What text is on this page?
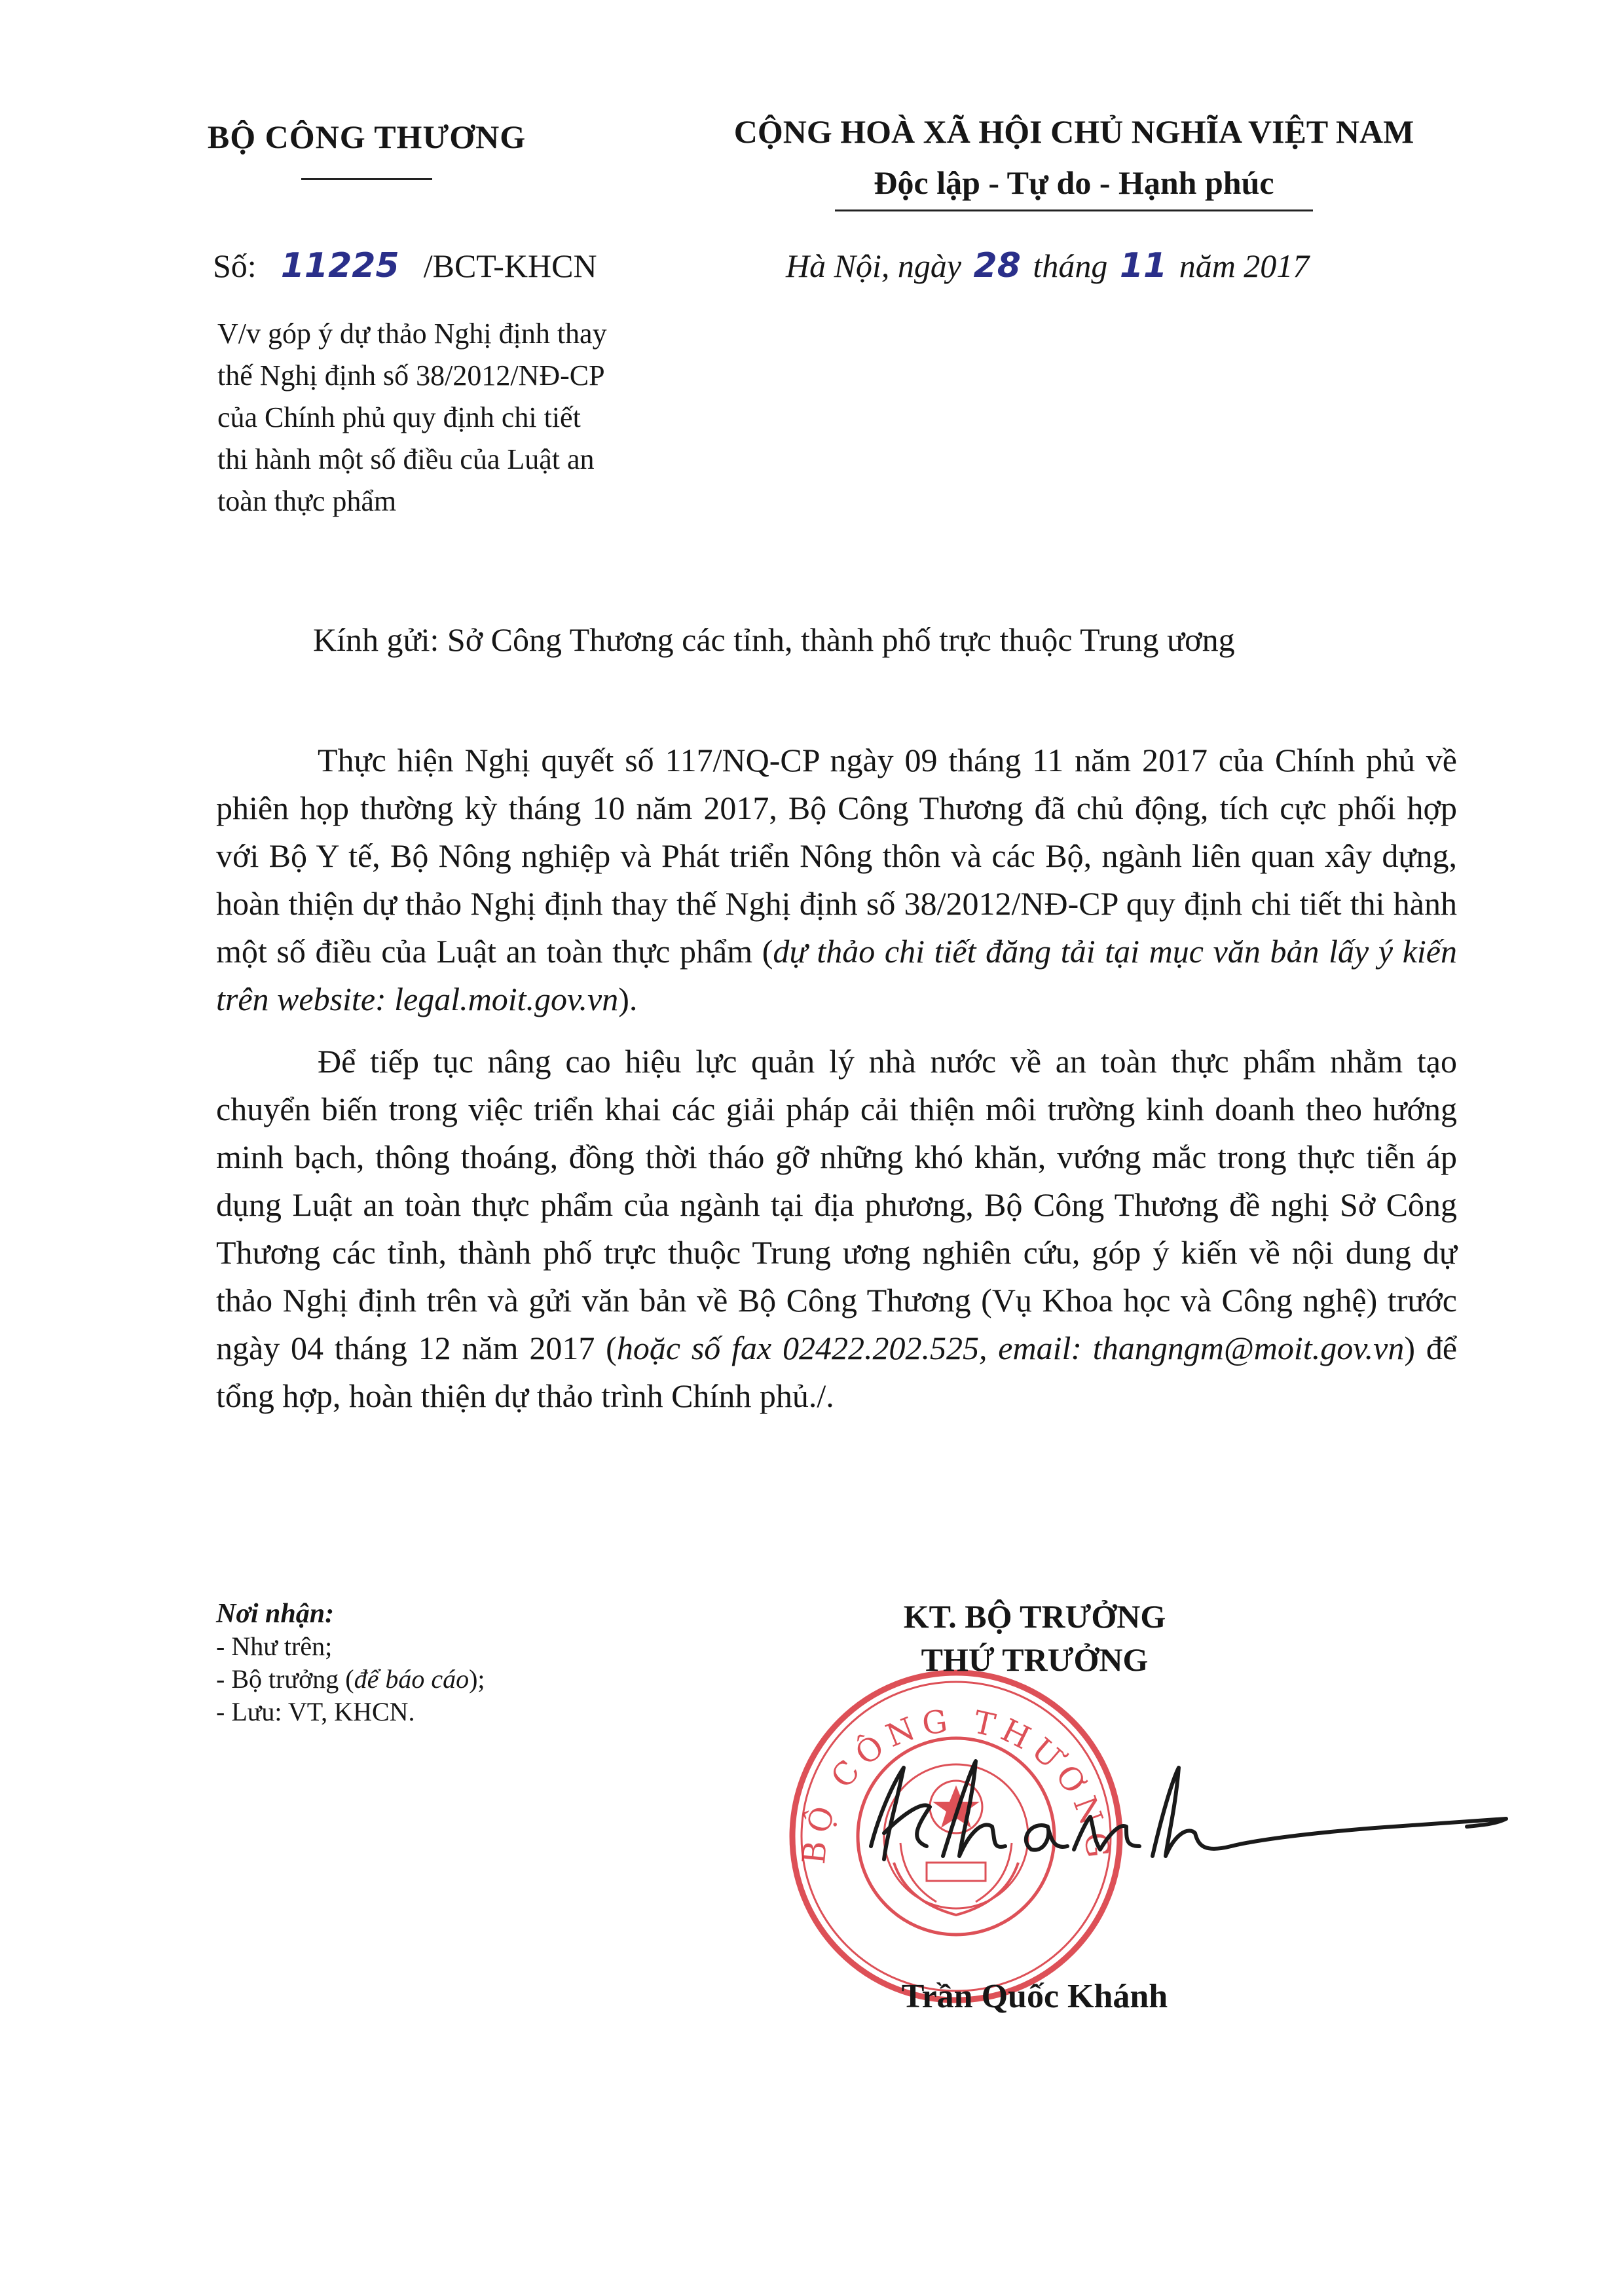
BỘ CÔNG THƯƠNG	CỘNG HOÀ XÃ HỘI CHỦ NGHĨA VIỆT NAM
Độc lập - Tự do - Hạnh phúc
Số: 11225 /BCT-KHCN	Hà Nội, ngày 28 tháng 11 năm 2017
V/v góp ý dự thảo Nghị định thay
thế Nghị định số 38/2012/NĐ-CP
của Chính phủ quy định chi tiết
thi hành một số điều của Luật an
toàn thực phẩm
Kính gửi: Sở Công Thương các tỉnh, thành phố trực thuộc Trung ương

Thực hiện Nghị quyết số 117/NQ-CP ngày 09 tháng 11 năm 2017 của Chính phủ về phiên họp thường kỳ tháng 10 năm 2017, Bộ Công Thương đã chủ động, tích cực phối hợp với Bộ Y tế, Bộ Nông nghiệp và Phát triển Nông thôn và các Bộ, ngành liên quan xây dựng, hoàn thiện dự thảo Nghị định thay thế Nghị định số 38/2012/NĐ-CP quy định chi tiết thi hành một số điều của Luật an toàn thực phẩm (dự thảo chi tiết đăng tải tại mục văn bản lấy ý kiến trên website: legal.moit.gov.vn).

Để tiếp tục nâng cao hiệu lực quản lý nhà nước về an toàn thực phẩm nhằm tạo chuyển biến trong việc triển khai các giải pháp cải thiện môi trường kinh doanh theo hướng minh bạch, thông thoáng, đồng thời tháo gỡ những khó khăn, vướng mắc trong thực tiễn áp dụng Luật an toàn thực phẩm của ngành tại địa phương, Bộ Công Thương đề nghị Sở Công Thương các tỉnh, thành phố trực thuộc Trung ương nghiên cứu, góp ý kiến về nội dung dự thảo Nghị định trên và gửi văn bản về Bộ Công Thương (Vụ Khoa học và Công nghệ) trước ngày 04 tháng 12 năm 2017 (hoặc số fax 02422.202.525, email: thangngm@moit.gov.vn) để tổng hợp, hoàn thiện dự thảo trình Chính phủ./.

Nơi nhận:
- Như trên;
- Bộ trưởng (để báo cáo);
- Lưu: VT, KHCN.
BỘ CÔNG THƯƠNG
KT. BỘ TRƯỞNG
THỨ TRƯỞNG
Trần Quốc Khánh
